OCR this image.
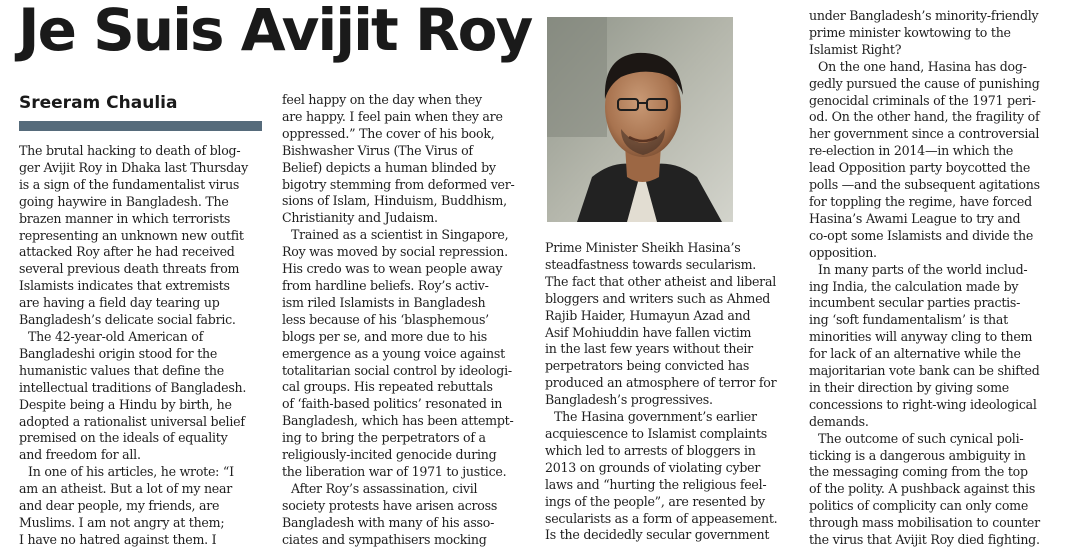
Je Suis Avijit Roy
Sreeram Chaulia

The brutal hacking to death of blog-

ger Avijit Roy in Dhaka last Thursday

is a sign of the fundamentalist virus

going haywire in Bangladesh. The

brazen manner in which terrorists

representing an unknown new outfit

attacked Roy after he had received

several previous death threats from

Islamists indicates that extremists

are having a field day tearing up

Bangladesh’s delicate social fabric.

The 42-year-old American of

Bangladeshi origin stood for the

humanistic values that define the

intellectual traditions of Bangladesh.

Despite being a Hindu by birth, he

adopted a rationalist universal belief

premised on the ideals of equality

and freedom for all.

In one of his articles, he wrote: “I

am an atheist. But a lot of my near

and dear people, my friends, are

Muslims. I am not angry at them;

I have no hatred against them. I

feel happy on the day when they

are happy. I feel pain when they are

oppressed.” The cover of his book,

Bishwasher Virus (The Virus of

Belief) depicts a human blinded by

bigotry stemming from deformed ver-

sions of Islam, Hinduism, Buddhism,

Christianity and Judaism.

Trained as a scientist in Singapore,

Roy was moved by social repression.

His credo was to wean people away

from hardline beliefs. Roy’s activ-

ism riled Islamists in Bangladesh

less because of his ‘blasphemous’

blogs per se, and more due to his

emergence as a young voice against

totalitarian social control by ideologi-

cal groups. His repeated rebuttals

of ‘faith-based politics’ resonated in

Bangladesh, which has been attempt-

ing to bring the perpetrators of a

religiously-incited genocide during

the liberation war of 1971 to justice.

After Roy’s assassination, civil

society protests have arisen across

Bangladesh with many of his asso-

ciates and sympathisers mocking

Prime Minister Sheikh Hasina’s

steadfastness towards secularism.

The fact that other atheist and liberal

bloggers and writers such as Ahmed

Rajib Haider, Humayun Azad and

Asif Mohiuddin have fallen victim

in the last few years without their

perpetrators being convicted has

produced an atmosphere of terror for

Bangladesh’s progressives.

The Hasina government’s earlier

acquiescence to Islamist complaints

which led to arrests of bloggers in

2013 on grounds of violating cyber

laws and “hurting the religious feel-

ings of the people”, are resented by

secularists as a form of appeasement.

Is the decidedly secular government

under Bangladesh’s minority-friendly

prime minister kowtowing to the

Islamist Right?

On the one hand, Hasina has dog-

gedly pursued the cause of punishing

genocidal criminals of the 1971 peri-

od. On the other hand, the fragility of

her government since a controversial

re-election in 2014—in which the

lead Opposition party boycotted the

polls —and the subsequent agitations

for toppling the regime, have forced

Hasina’s Awami League to try and

co-opt some Islamists and divide the

opposition.

In many parts of the world includ-

ing India, the calculation made by

incumbent secular parties practis-

ing ‘soft fundamentalism’ is that

minorities will anyway cling to them

for lack of an alternative while the

majoritarian vote bank can be shifted

in their direction by giving some

concessions to right-wing ideological

demands.

The outcome of such cynical poli-

ticking is a dangerous ambiguity in

the messaging coming from the top

of the polity. A pushback against this

politics of complicity can only come

through mass mobilisation to counter

the virus that Avijit Roy died fighting.
